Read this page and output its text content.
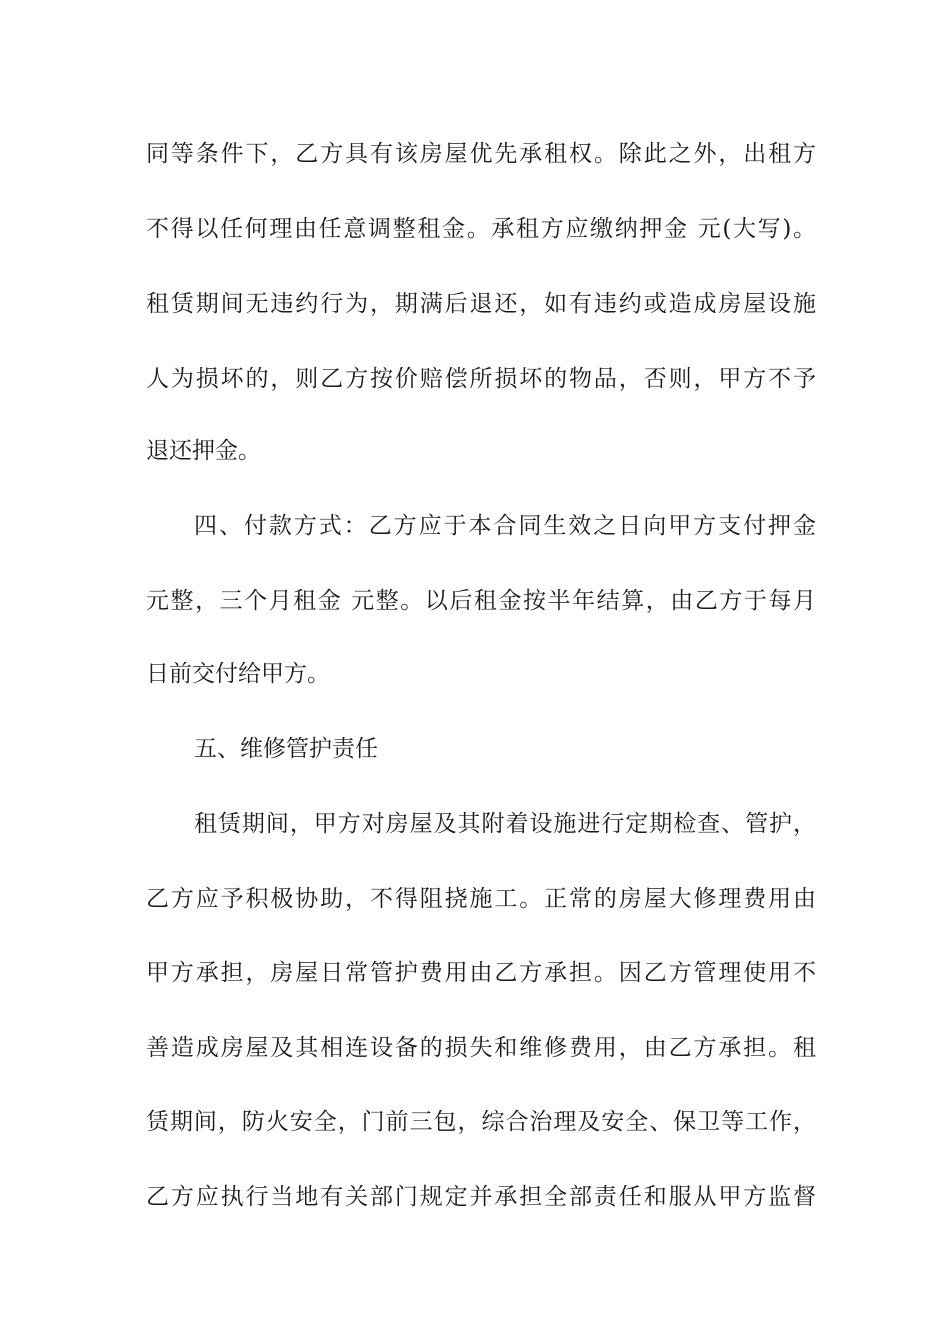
同等条件下，乙方具有该房屋优先承租权。除此之外，出租方
不得以任何理由任意调整租金。承租方应缴纳押金 元(大写)。
租赁期间无违约行为，期满后退还，如有违约或造成房屋设施
人为损坏的，则乙方按价赔偿所损坏的物品，否则，甲方不予
退还押金。
四、付款方式：乙方应于本合同生效之日向甲方支付押金
元整，三个月租金 元整。以后租金按半年结算，由乙方于每月
日前交付给甲方。
五、维修管护责任
租赁期间，甲方对房屋及其附着设施进行定期检查、管护，
乙方应予积极协助，不得阻挠施工。正常的房屋大修理费用由
甲方承担，房屋日常管护费用由乙方承担。因乙方管理使用不
善造成房屋及其相连设备的损失和维修费用，由乙方承担。租
赁期间，防火安全，门前三包，综合治理及安全、保卫等工作，
乙方应执行当地有关部门规定并承担全部责任和服从甲方监督
